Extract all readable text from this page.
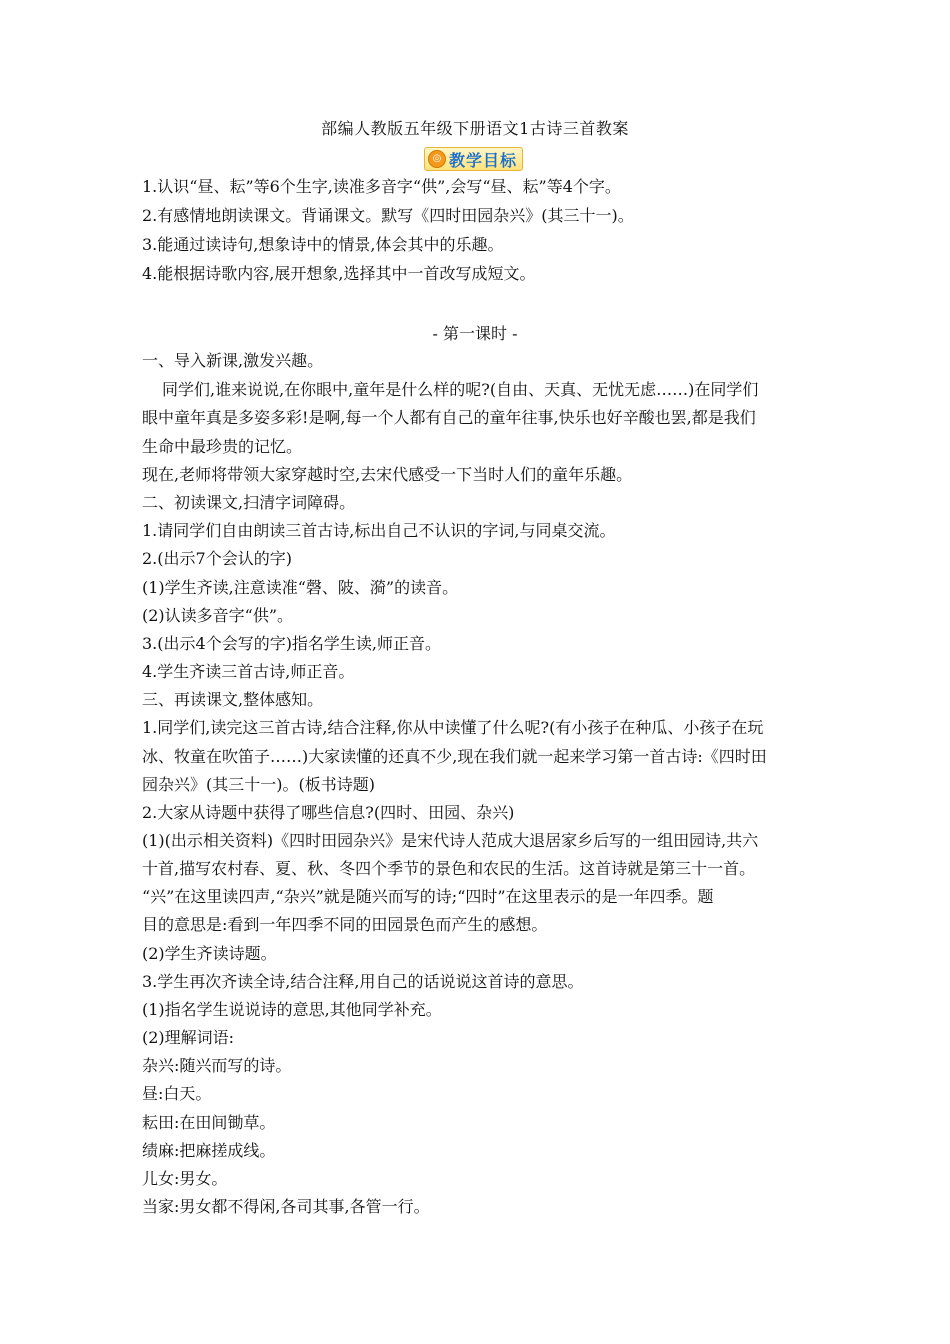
部编人教版五年级下册语文1古诗三首教案
◎ 教学目标
1.认识“昼、耘”等6个生字,读准多音字“供”,会写“昼、耘”等4个字。
2.有感情地朗读课文。背诵课文。默写《四时田园杂兴》(其三十一)。
3.能通过读诗句,想象诗中的情景,体会其中的乐趣。
4.能根据诗歌内容,展开想象,选择其中一首改写成短文。
- 第一课时 -
一、导入新课,激发兴趣。
同学们,谁来说说,在你眼中,童年是什么样的呢?(自由、天真、无忧无虑……)在同学们
眼中童年真是多姿多彩!是啊,每一个人都有自己的童年往事,快乐也好辛酸也罢,都是我们
生命中最珍贵的记忆。
现在,老师将带领大家穿越时空,去宋代感受一下当时人们的童年乐趣。
二、初读课文,扫清字词障碍。
1.请同学们自由朗读三首古诗,标出自己不认识的字词,与同桌交流。
2.(出示7个会认的字)
(1)学生齐读,注意读准“磬、陂、漪”的读音。
(2)认读多音字“供”。
3.(出示4个会写的字)指名学生读,师正音。
4.学生齐读三首古诗,师正音。
三、再读课文,整体感知。
1.同学们,读完这三首古诗,结合注释,你从中读懂了什么呢?(有小孩子在种瓜、小孩子在玩
冰、牧童在吹笛子……)大家读懂的还真不少,现在我们就一起来学习第一首古诗:《四时田
园杂兴》(其三十一)。(板书诗题)
2.大家从诗题中获得了哪些信息?(四时、田园、杂兴)
(1)(出示相关资料)《四时田园杂兴》是宋代诗人范成大退居家乡后写的一组田园诗,共六
十首,描写农村春、夏、秋、冬四个季节的景色和农民的生活。这首诗就是第三十一首。
“兴”在这里读四声,“杂兴”就是随兴而写的诗;“四时”在这里表示的是一年四季。题
目的意思是:看到一年四季不同的田园景色而产生的感想。
(2)学生齐读诗题。
3.学生再次齐读全诗,结合注释,用自己的话说说这首诗的意思。
(1)指名学生说说诗的意思,其他同学补充。
(2)理解词语:
杂兴:随兴而写的诗。
昼:白天。
耘田:在田间锄草。
绩麻:把麻搓成线。
儿女:男女。
当家:男女都不得闲,各司其事,各管一行。
